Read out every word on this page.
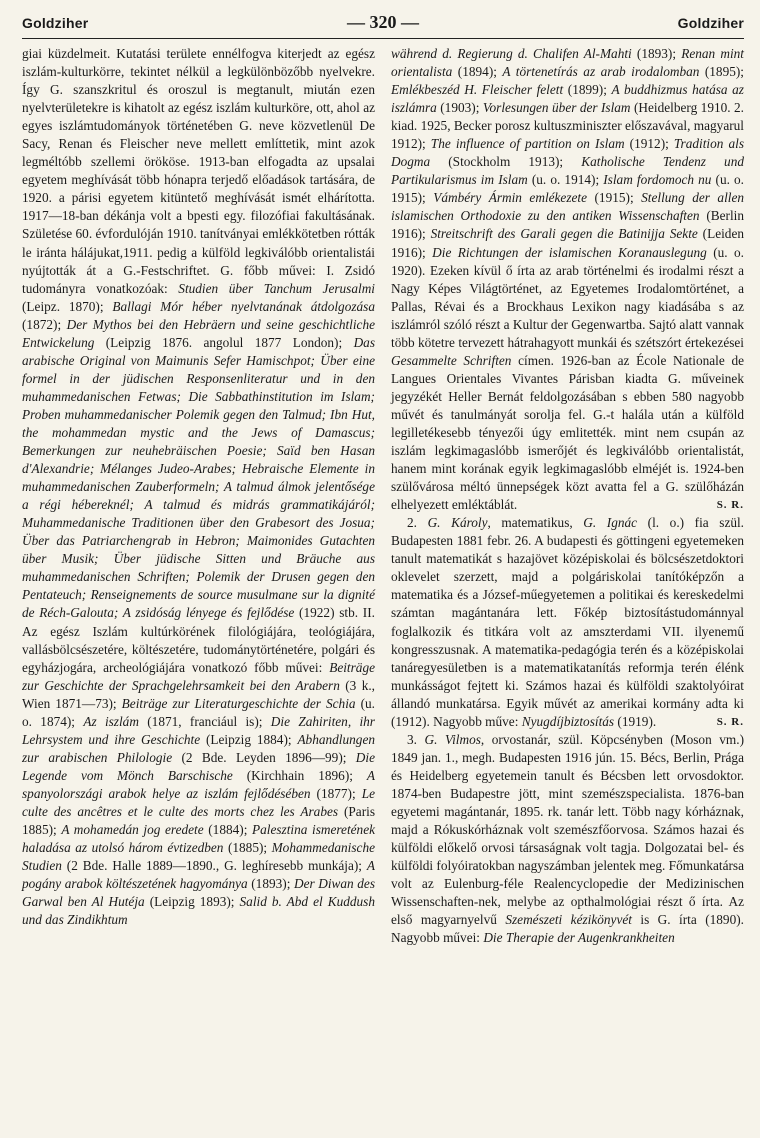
Goldziher	— 320 —	Goldziher

giai küzdelmeit. Kutatási területe ennélfogva kiterjedt az egész iszlám-kulturkörre, tekintet nélkül a legkülönbözőbb nyelvekre. Így G. szanszkritul és oroszul is megtanult, miután ezen nyelvterületekre is kihatolt az egész iszlám kulturköre, ott, ahol az egyes iszlámtudományok történetében G. neve közvetlenül De Sacy, Renan és Fleischer neve mellett említtetik, mint azok legméltóbb szellemi örököse. 1913-ban elfogadta az upsalai egyetem meghívását több hónapra terjedő előadások tartására, de 1920. a párisi egyetem kitüntető meghívását ismét elhárította. 1917—18-ban dékánja volt a bpesti egy. filozófiai fakultásának. Születése 60. évfordulóján 1910. tanítványai emlékkötetben rótták le iránta hálájukat,1911. pedig a külföld legkiválóbb orientalistái nyújtották át a G.-Festschriftet. G. főbb művei: I. Zsidó tudományra vonatkozóak: Studien über Tanchum Jerusalmi (Leipz. 1870); Ballagi Mór héber nyelvtanának átdolgozása (1872); Der Mythos bei den Hebräern und seine geschichtliche Entwickelung (Leipzig 1876. angolul 1877 London); Das arabische Original von Maimunis Sefer Hamischpot; Über eine formel in der jüdischen Responsenliteratur und in den muhammedanischen Fetwas; Die Sabbathinstitution im Islam; Proben muhammedanischer Polemik gegen den Talmud; Ibn Hut, the mohammedan mystic and the Jews of Damascus; Bemerkungen zur neuhebräischen Poesie; Saïd ben Hasan d'Alexandrie; Mélanges Judeo-Arabes; Hebraische Elemente in muhammedanischen Zauberformeln; A talmud álmok jelentősége a régi hébereknél; A talmud és midrás grammatikájáról; Muhammedanische Traditionen über den Grabesort des Josua; Über das Patriarchengrab in Hebron; Maimonides Gutachten über Musik; Über jüdische Sitten und Bräuche aus muhammedanischen Schriften; Polemik der Drusen gegen den Pentateuch; Renseignements de source musulmane sur la dignité de Réch-Galouta; A zsidóság lényege és fejlődése (1922) stb. II. Az egész Iszlám kultúrkörének filológiájára, teológiájára, vallásbölcsészetére, költészetére, tudománytörténetére, polgári és egyházjogára, archeológiájára vonatkozó főbb művei: Beiträge zur Geschichte der Sprachgelehrsamkeit bei den Arabern (3 k., Wien 1871—73); Beiträge zur Literaturgeschichte der Schia (u. o. 1874); Az iszlám (1871, franciául is); Die Zahiriten, ihr Lehrsystem und ihre Geschichte (Leipzig 1884); Abhandlungen zur arabischen Philologie (2 Bde. Leyden 1896—99); Die Legende vom Mönch Barschische (Kirchhain 1896); A spanyolországi arabok helye az iszlám fejlődésében (1877); Le culte des ancêtres et le culte des morts chez les Arabes (Paris 1885); A mohamedán jog eredete (1884); Palesztina ismeretének haladása az utolsó három évtizedben (1885); Mohammedanische Studien (2 Bde. Halle 1889—1890., G. leghíresebb munkája); A pogány arabok költészetének hagyománya (1893); Der Diwan des Garwal ben Al Hutéja (Leipzig 1893); Salid b. Abd el Kuddush und das Zindikhtum

während d. Regierung d. Chalifen Al-Mahti (1893); Renan mint orientalista (1894); A törtenetírás az arab irodalomban (1895); Emlékbeszéd H. Fleischer felett (1899); A buddhizmus hatása az iszlámra (1903); Vorlesungen über der Islam (Heidelberg 1910. 2. kiad. 1925, Becker porosz kultuszminiszter előszavával, magyarul 1912); The influence of partition on Islam (1912); Tradition als Dogma (Stockholm 1913); Katholische Tendenz und Partikularismus im Islam (u. o. 1914); Islam fordomoch nu (u. o. 1915); Vámbéry Ármin emlékezete (1915); Stellung der allen islamischen Orthodoxie zu den antiken Wissenschaften (Berlin 1916); Streitschrift des Garali gegen die Batinijja Sekte (Leiden 1916); Die Richtungen der islamischen Koranauslegung (u. o. 1920). Ezeken kívül ő írta az arab történelmi és irodalmi részt a Nagy Képes Világtörténet, az Egyetemes Irodalomtörténet, a Pallas, Révai és a Brockhaus Lexikon nagy kiadásába s az iszlámról szóló részt a Kultur der Gegenwartba. Sajtó alatt vannak több kötetre tervezett hátrahagyott munkái és szétszórt értekezései Gesammelte Schriften címen. 1926-ban az École Nationale de Langues Orientales Vivantes Párisban kiadta G. műveinek jegyzékét Heller Bernát feldolgozásában s ebben 580 nagyobb művét és tanulmányát sorolja fel. G.-t halála után a külföld legilletékesebb tényezői úgy emlitették. mint nem csupán az iszlám legkimagaslóbb ismerőjét és legkiválóbb orientalistát, hanem mint korának egyik legkimagaslóbb elméjét is. 1924-ben szülővárosa méltó ünnepségek közt avatta fel a G. szülőházán elhelyezett emléktáblát.	S. R.

2. G. Károly, matematikus, G. Ignác (l. o.) fia szül. Budapesten 1881 febr. 26. A budapesti és göttingeni egyetemeken tanult matematikát s hazajövet középiskolai és bölcsészetdoktori oklevelet szerzett, majd a polgáriskolai tanítóképzőn a matematika és a József-műegyetemen a politikai és kereskedelmi számtan magántanára lett. Főkép biztosítástudománnyal foglalkozik és titkára volt az amszterdami VII. ilyenemű kongresszusnak. A matematika-pedagógia terén és a középiskolai tanáregyesületben is a matematikatanítás reformja terén élénk munkásságot fejtett ki. Számos hazai és külföldi szaktolyóirat állandó munkatársa. Egyik művét az amerikai kormány adta ki (1912). Nagyobb műve: Nyugdíjbiztosítás (1919).	S. R.

3. G. Vilmos, orvostanár, szül. Köpcsényben (Moson vm.) 1849 jan. 1., megh. Budapesten 1916 jún. 15. Bécs, Berlin, Prága és Heidelberg egyetemein tanult és Bécsben lett orvosdoktor. 1874-ben Budapestre jött, mint szemészspecialista. 1876-ban egyetemi magántanár, 1895. rk. tanár lett. Több nagy kórháznak, majd a Rókuskórháznak volt szemészfőorvosa. Számos hazai és külföldi előkelő orvosi társaságnak volt tagja. Dolgozatai bel- és külföldi folyóiratokban nagyszámban jelentek meg. Főmunkatársa volt az Eulenburg-féle Realencyclopedie der Medizinischen Wissenschaften-nek, melybe az opthalmológiai részt ő írta. Az első magyarnyelvű Szemészeti kézikönyvét is G. írta (1890). Nagyobb művei: Die Therapie der Augenkrankheiten
